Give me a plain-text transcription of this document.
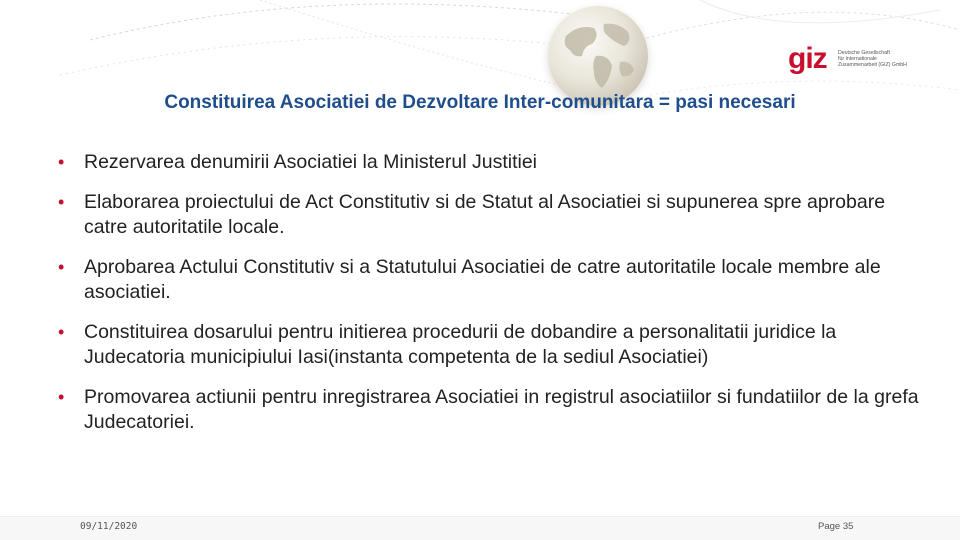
giz Deutsche Gesellschaft
für Internationale
Zusammenarbeit (GIZ) GmbH
Constituirea Asociatiei de Dezvoltare Inter-comunitara = pasi necesari
• Rezervarea denumirii Asociatiei la Ministerul Justitiei
• Elaborarea proiectului de Act Constitutiv si de Statut al Asociatiei si supunerea spre aprobare catre autoritatile locale.
• Aprobarea Actului Constitutiv si a Statutului Asociatiei de catre autoritatile locale membre ale asociatiei.
• Constituirea dosarului pentru initierea procedurii de dobandire a personalitatii juridice la Judecatoria municipiului Iasi(instanta competenta de la sediul Asociatiei)
• Promovarea actiunii pentru inregistrarea Asociatiei in registrul asociatiilor si fundatiilor de la grefa Judecatoriei.
09/11/2020	Page 35
